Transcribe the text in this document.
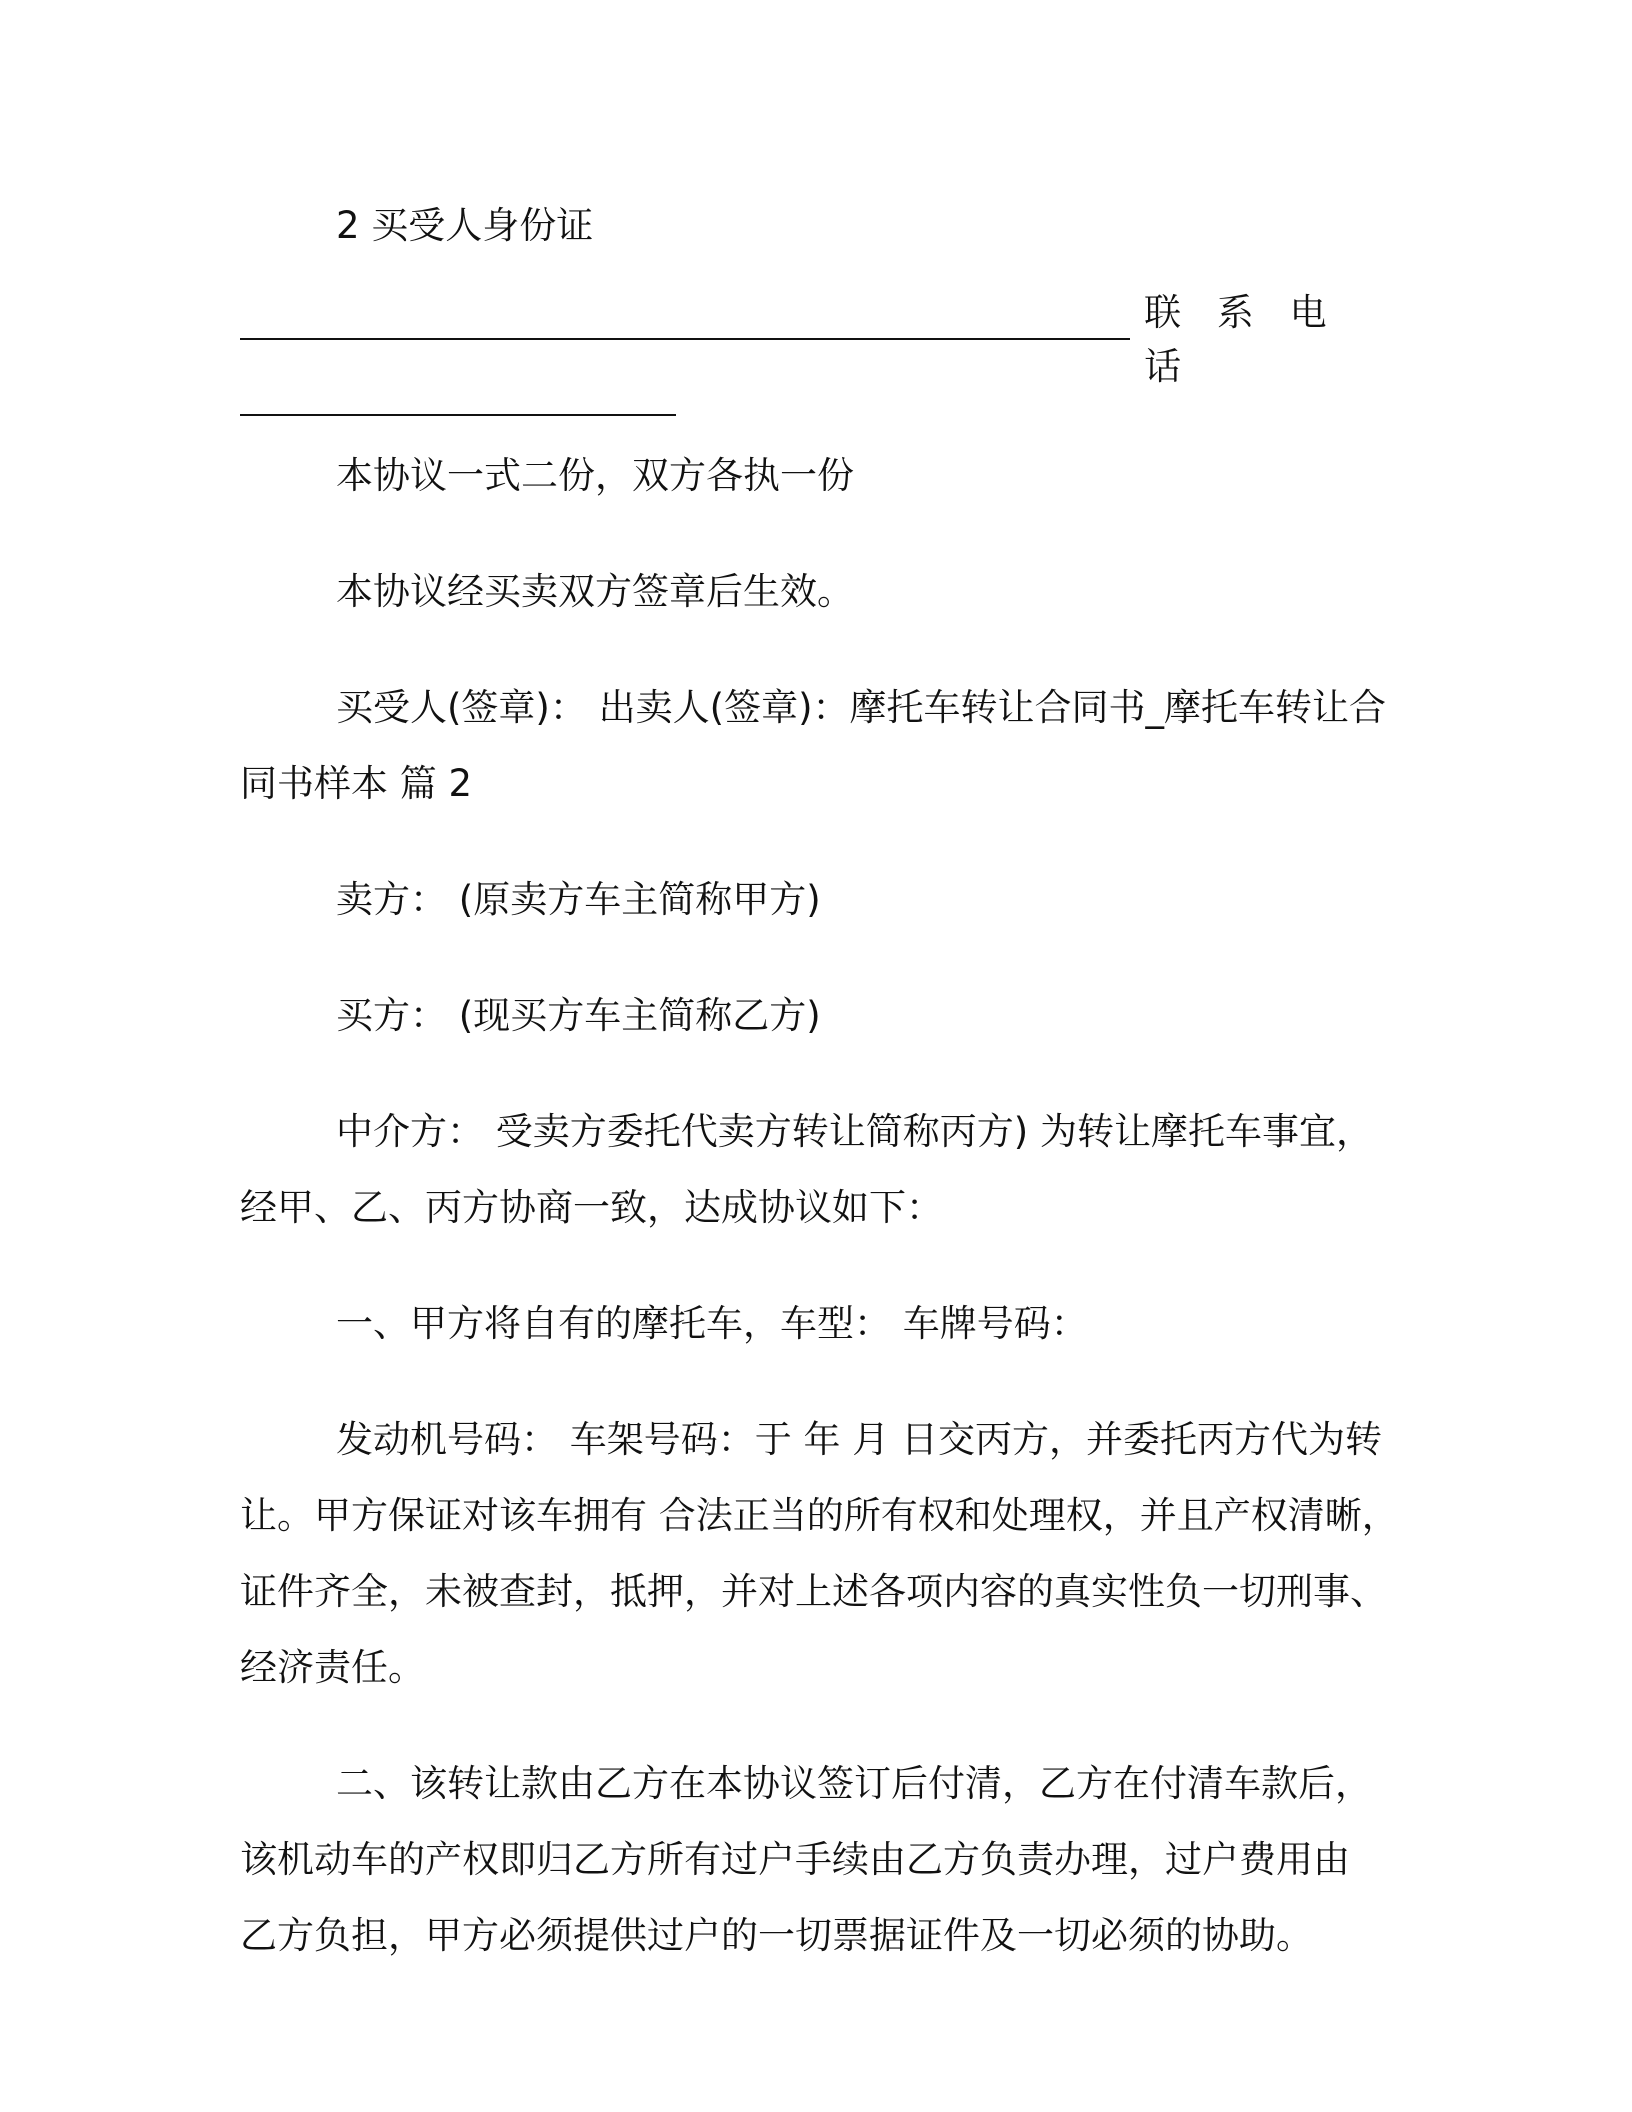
2 买受人身份证

联 系 电 话

本协议一式二份，双方各执一份

本协议经买卖双方签章后生效。

买受人(签章)： 出卖人(签章)：摩托车转让合同书_摩托车转让合

同书样本 篇 2

卖方： (原卖方车主简称甲方)

买方： (现买方车主简称乙方)

中介方： 受卖方委托代卖方转让简称丙方) 为转让摩托车事宜，

经甲、乙、丙方协商一致，达成协议如下：

一、甲方将自有的摩托车，车型： 车牌号码：

发动机号码： 车架号码：于 年 月 日交丙方，并委托丙方代为转

让。甲方保证对该车拥有 合法正当的所有权和处理权，并且产权清晰，

证件齐全，未被查封，抵押，并对上述各项内容的真实性负一切刑事、

经济责任。

二、该转让款由乙方在本协议签订后付清，乙方在付清车款后，

该机动车的产权即归乙方所有过户手续由乙方负责办理，过户费用由

乙方负担，甲方必须提供过户的一切票据证件及一切必须的协助。
